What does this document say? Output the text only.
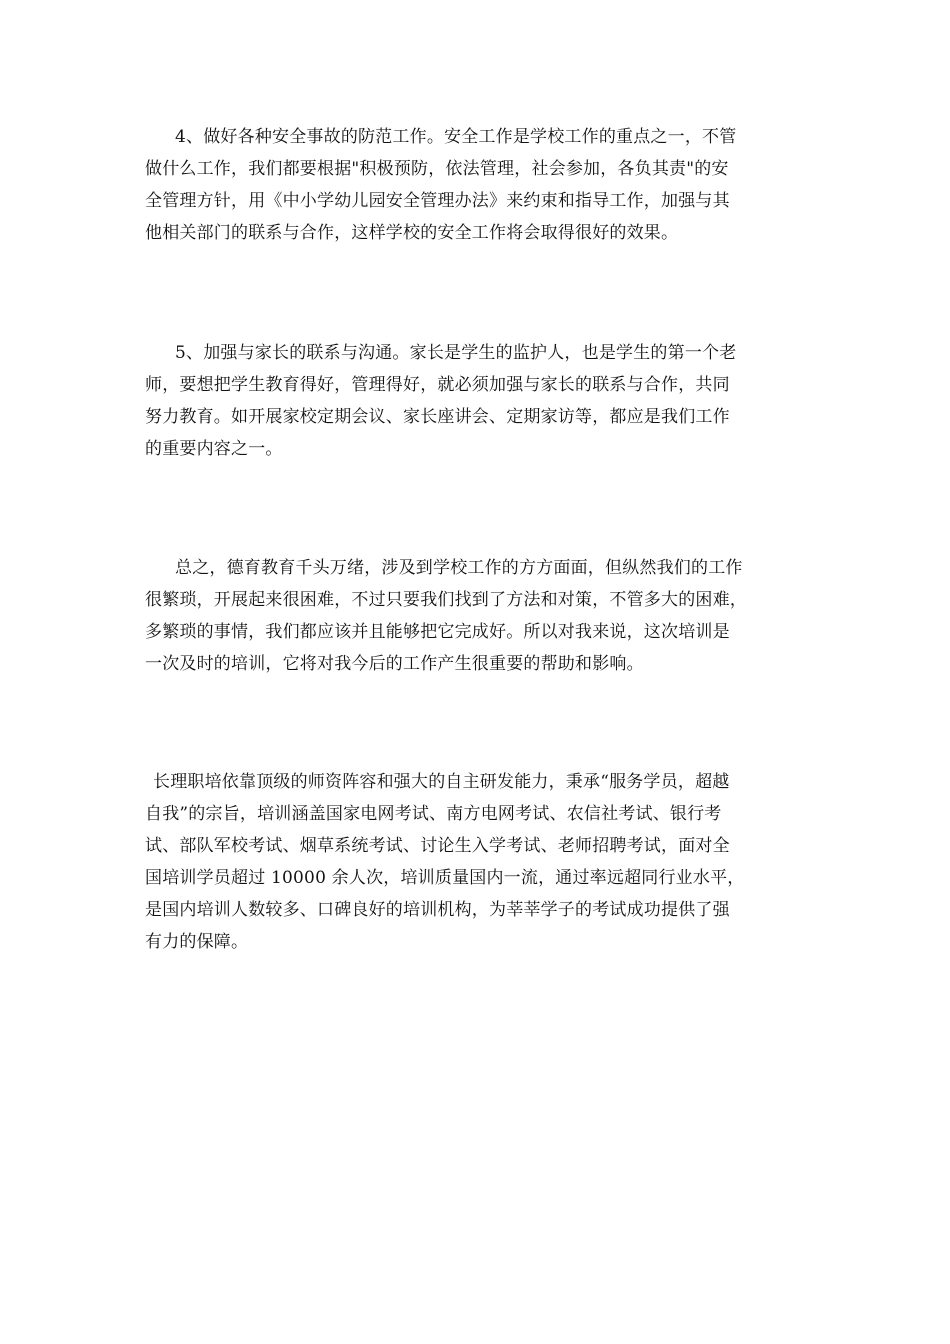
4、做好各种安全事故的防范工作。安全工作是学校工作的重点之一，不管
做什么工作，我们都要根据"积极预防，依法管理，社会参加，各负其责"的安
全管理方针，用《中小学幼儿园安全管理办法》来约束和指导工作，加强与其
他相关部门的联系与合作，这样学校的安全工作将会取得很好的效果。
5、加强与家长的联系与沟通。家长是学生的监护人，也是学生的第一个老
师，要想把学生教育得好，管理得好，就必须加强与家长的联系与合作，共同
努力教育。如开展家校定期会议、家长座讲会、定期家访等，都应是我们工作
的重要内容之一。
总之，德育教育千头万绪，涉及到学校工作的方方面面，但纵然我们的工作
很繁琐，开展起来很困难，不过只要我们找到了方法和对策，不管多大的困难，
多繁琐的事情，我们都应该并且能够把它完成好。所以对我来说，这次培训是
一次及时的培训，它将对我今后的工作产生很重要的帮助和影响。
长理职培依靠顶级的师资阵容和强大的自主研发能力，秉承“服务学员，超越
自我”的宗旨，培训涵盖国家电网考试、南方电网考试、农信社考试、银行考
试、部队军校考试、烟草系统考试、讨论生入学考试、老师招聘考试，面对全
国培训学员超过 10000 余人次，培训质量国内一流，通过率远超同行业水平，
是国内培训人数较多、口碑良好的培训机构，为莘莘学子的考试成功提供了强
有力的保障。
